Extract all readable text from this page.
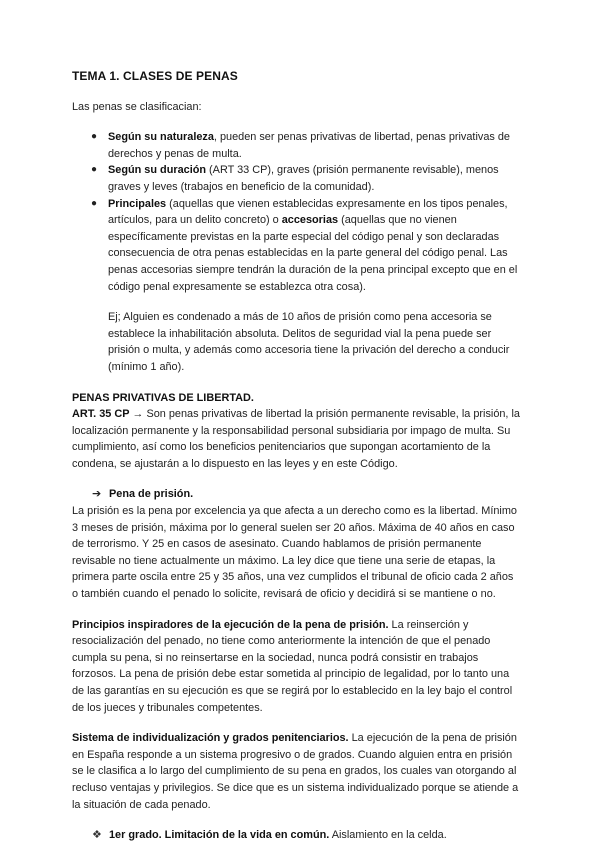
TEMA 1. CLASES DE PENAS

Las penas se clasificacian:

● Según su naturaleza, pueden ser penas privativas de libertad, penas privativas de derechos y penas de multa.
● Según su duración (ART 33 CP), graves (prisión permanente revisable), menos graves y leves (trabajos en beneficio de la comunidad).
● Principales (aquellas que vienen establecidas expresamente en los tipos penales, artículos, para un delito concreto) o accesorias (aquellas que no vienen específicamente previstas en la parte especial del código penal y son declaradas consecuencia de otra penas establecidas en la parte general del código penal. Las penas accesorias siempre tendrán la duración de la pena principal excepto que en el código penal expresamente se establezca otra cosa).

Ej; Alguien es condenado a más de 10 años de prisión como pena accesoria se establece la inhabilitación absoluta. Delitos de seguridad vial la pena puede ser prisión o multa, y además como accesoria tiene la privación del derecho a conducir (mínimo 1 año).

PENAS PRIVATIVAS DE LIBERTAD.

ART. 35 CP → Son penas privativas de libertad la prisión permanente revisable, la prisión, la localización permanente y la responsabilidad personal subsidiaria por impago de multa. Su cumplimiento, así como los beneficios penitenciarios que supongan acortamiento de la condena, se ajustarán a lo dispuesto en las leyes y en este Código.

➔ Pena de prisión.

La prisión es la pena por excelencia ya que afecta a un derecho como es la libertad. Mínimo 3 meses de prisión, máxima por lo general suelen ser 20 años. Máxima de 40 años en caso de terrorismo. Y 25 en casos de asesinato. Cuando hablamos de prisión permanente revisable no tiene actualmente un máximo. La ley dice que tiene una serie de etapas, la primera parte oscila entre 25 y 35 años, una vez cumplidos el tribunal de oficio cada 2 años o también cuando el penado lo solicite, revisará de oficio y decidirá si se mantiene o no.

Principios inspiradores de la ejecución de la pena de prisión. La reinserción y resocialización del penado, no tiene como anteriormente la intención de que el penado cumpla su pena, si no reinsertarse en la sociedad, nunca podrá consistir en trabajos forzosos. La pena de prisión debe estar sometida al principio de legalidad, por lo tanto una de las garantías en su ejecución es que se regirá por lo establecido en la ley bajo el control de los jueces y tribunales competentes.

Sistema de individualización y grados penitenciarios. La ejecución de la pena de prisión en España responde a un sistema progresivo o de grados. Cuando alguien entra en prisión se le clasifica a lo largo del cumplimiento de su pena en grados, los cuales van otorgando al recluso ventajas y privilegios. Se dice que es un sistema individualizado porque se atiende a la situación de cada penado.

❖ 1er grado. Limitación de la vida en común. Aislamiento en la celda.
